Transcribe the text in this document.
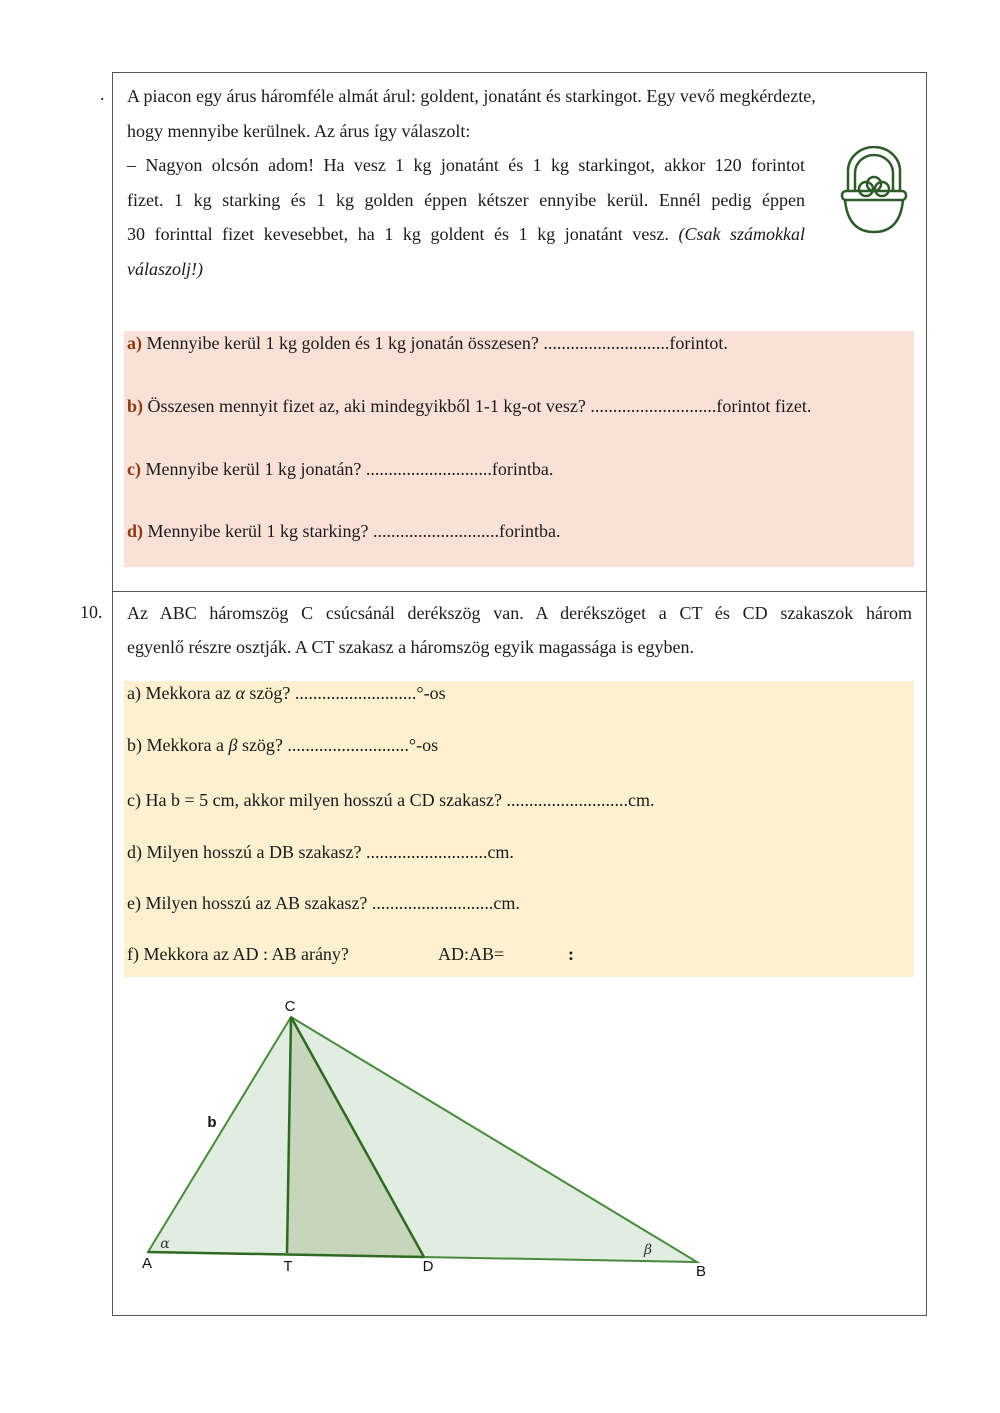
. A piacon egy árus háromféle almát árul: goldent, jonatánt és starkingot. Egy vevő megkérdezte,
hogy mennyibe kerülnek. Az árus így válaszolt:
– Nagyon olcsón adom! Ha vesz 1 kg jonatánt és 1 kg starkingot, akkor 120 forintot
fizet. 1 kg starking és 1 kg golden éppen kétszer ennyibe kerül. Ennél pedig éppen
30 forinttal fizet kevesebbet, ha 1 kg goldent és 1 kg jonatánt vesz. (Csak számokkal
válaszolj!)
a) Mennyibe kerül 1 kg golden és 1 kg jonatán összesen? ............................forintot.
b) Összesen mennyit fizet az, aki mindegyikből 1-1 kg-ot vesz? ............................forintot fizet.
c) Mennyibe kerül 1 kg jonatán? ............................forintba.
d) Mennyibe kerül 1 kg starking? ............................forintba.
10. Az ABC háromszög C csúcsánál derékszög van. A derékszöget a CT és CD szakaszok három
egyenlő részre osztják. A CT szakasz a háromszög egyik magassága is egyben.
a) Mekkora az α szög? ...........................°-os
b) Mekkora a β szög? ...........................°-os
c) Ha b = 5 cm, akkor milyen hosszú a CD szakasz? ...........................cm.
d) Milyen hosszú a DB szakasz? ...........................cm.
e) Milyen hosszú az AB szakasz? ...........................cm.
f) Mekkora az AD : AB arány?	AD:AB=	:
C
A	T	D	B
b
α	β
